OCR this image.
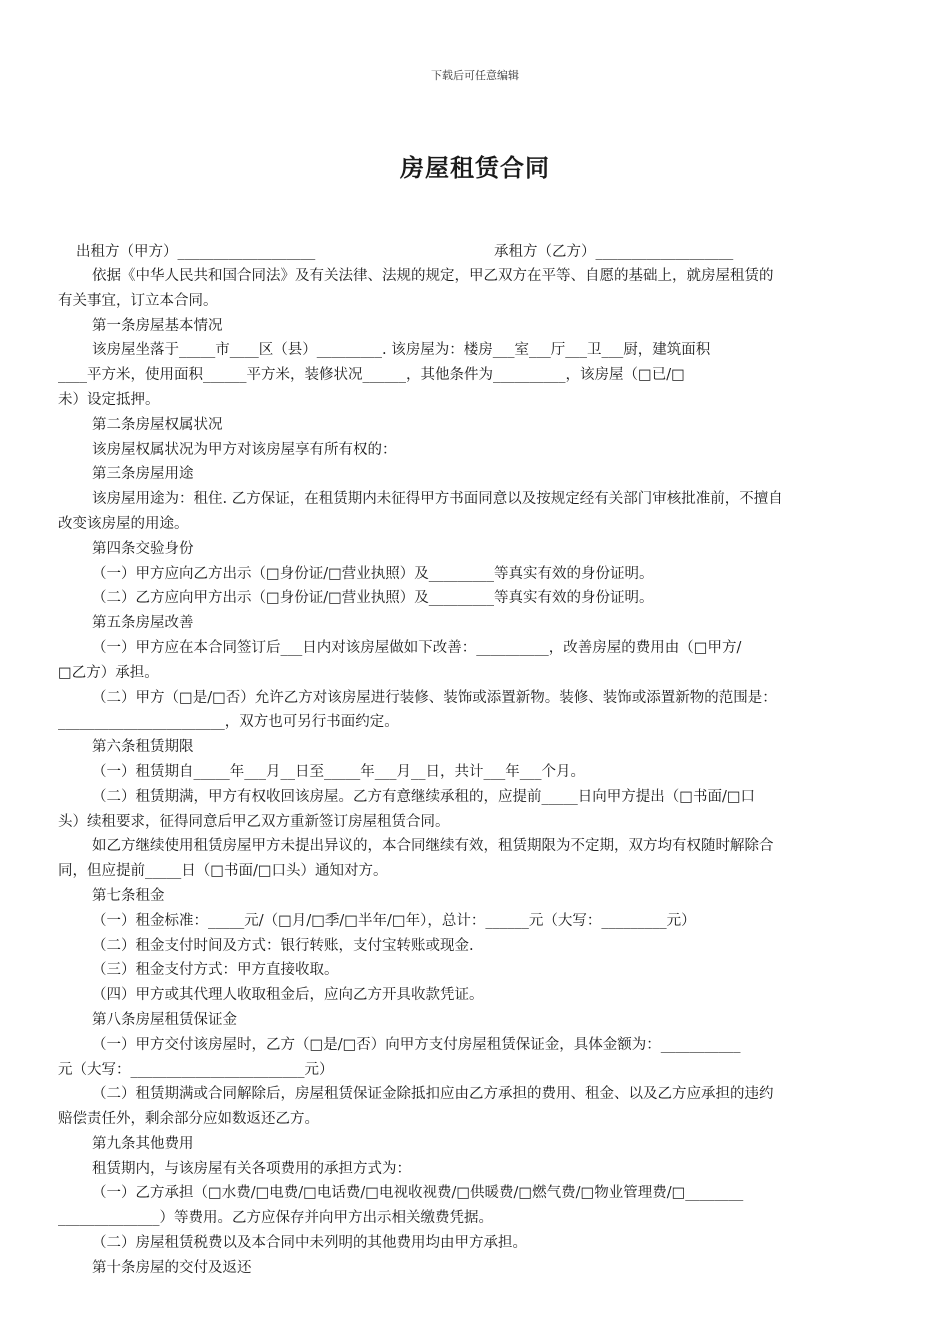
下载后可任意编辑
房屋租赁合同
出租方（甲方）___________________	承租方（乙方）___________________

依据《中华人民共和国合同法》及有关法律、法规的规定，甲乙双方在平等、自愿的基础上，就房屋租赁的

有关事宜，订立本合同。

第一条房屋基本情况

该房屋坐落于_____市____区（县）_________. 该房屋为：楼房___室___厅___卫___厨，建筑面积

____平方米，使用面积______平方米，装修状况______，其他条件为__________，该房屋（□已/□

未）设定抵押。

第二条房屋权属状况

该房屋权属状况为甲方对该房屋享有所有权的：

第三条房屋用途

该房屋用途为：租住. 乙方保证，在租赁期内未征得甲方书面同意以及按规定经有关部门审核批准前，不擅自

改变该房屋的用途。

第四条交验身份

（一）甲方应向乙方出示（□身份证/□营业执照）及_________等真实有效的身份证明。

（二）乙方应向甲方出示（□身份证/□营业执照）及_________等真实有效的身份证明。

第五条房屋改善

（一）甲方应在本合同签订后___日内对该房屋做如下改善：__________，改善房屋的费用由（□甲方/

□乙方）承担。

（二）甲方（□是/□否）允许乙方对该房屋进行装修、装饰或添置新物。装修、装饰或添置新物的范围是：

_______________________，双方也可另行书面约定。

第六条租赁期限

（一）租赁期自_____年___月__日至_____年___月__日，共计___年___个月。

（二）租赁期满，甲方有权收回该房屋。乙方有意继续承租的，应提前_____日向甲方提出（□书面/□口

头）续租要求，征得同意后甲乙双方重新签订房屋租赁合同。

如乙方继续使用租赁房屋甲方未提出异议的，本合同继续有效，租赁期限为不定期，双方均有权随时解除合

同，但应提前_____日（□书面/□口头）通知对方。

第七条租金

（一）租金标准：_____元/（□月/□季/□半年/□年），总计：______元（大写：_________元）

（二）租金支付时间及方式：银行转账，支付宝转账或现金.

（三）租金支付方式：甲方直接收取。

（四）甲方或其代理人收取租金后，应向乙方开具收款凭证。

第八条房屋租赁保证金

（一）甲方交付该房屋时，乙方（□是/□否）向甲方支付房屋租赁保证金，具体金额为：___________

元（大写：________________________元）

（二）租赁期满或合同解除后，房屋租赁保证金除抵扣应由乙方承担的费用、租金、以及乙方应承担的违约

赔偿责任外，剩余部分应如数返还乙方。

第九条其他费用

租赁期内，与该房屋有关各项费用的承担方式为：

（一）乙方承担（□水费/□电费/□电话费/□电视收视费/□供暖费/□燃气费/□物业管理费/□________

______________）等费用。乙方应保存并向甲方出示相关缴费凭据。

（二）房屋租赁税费以及本合同中未列明的其他费用均由甲方承担。

第十条房屋的交付及返还
